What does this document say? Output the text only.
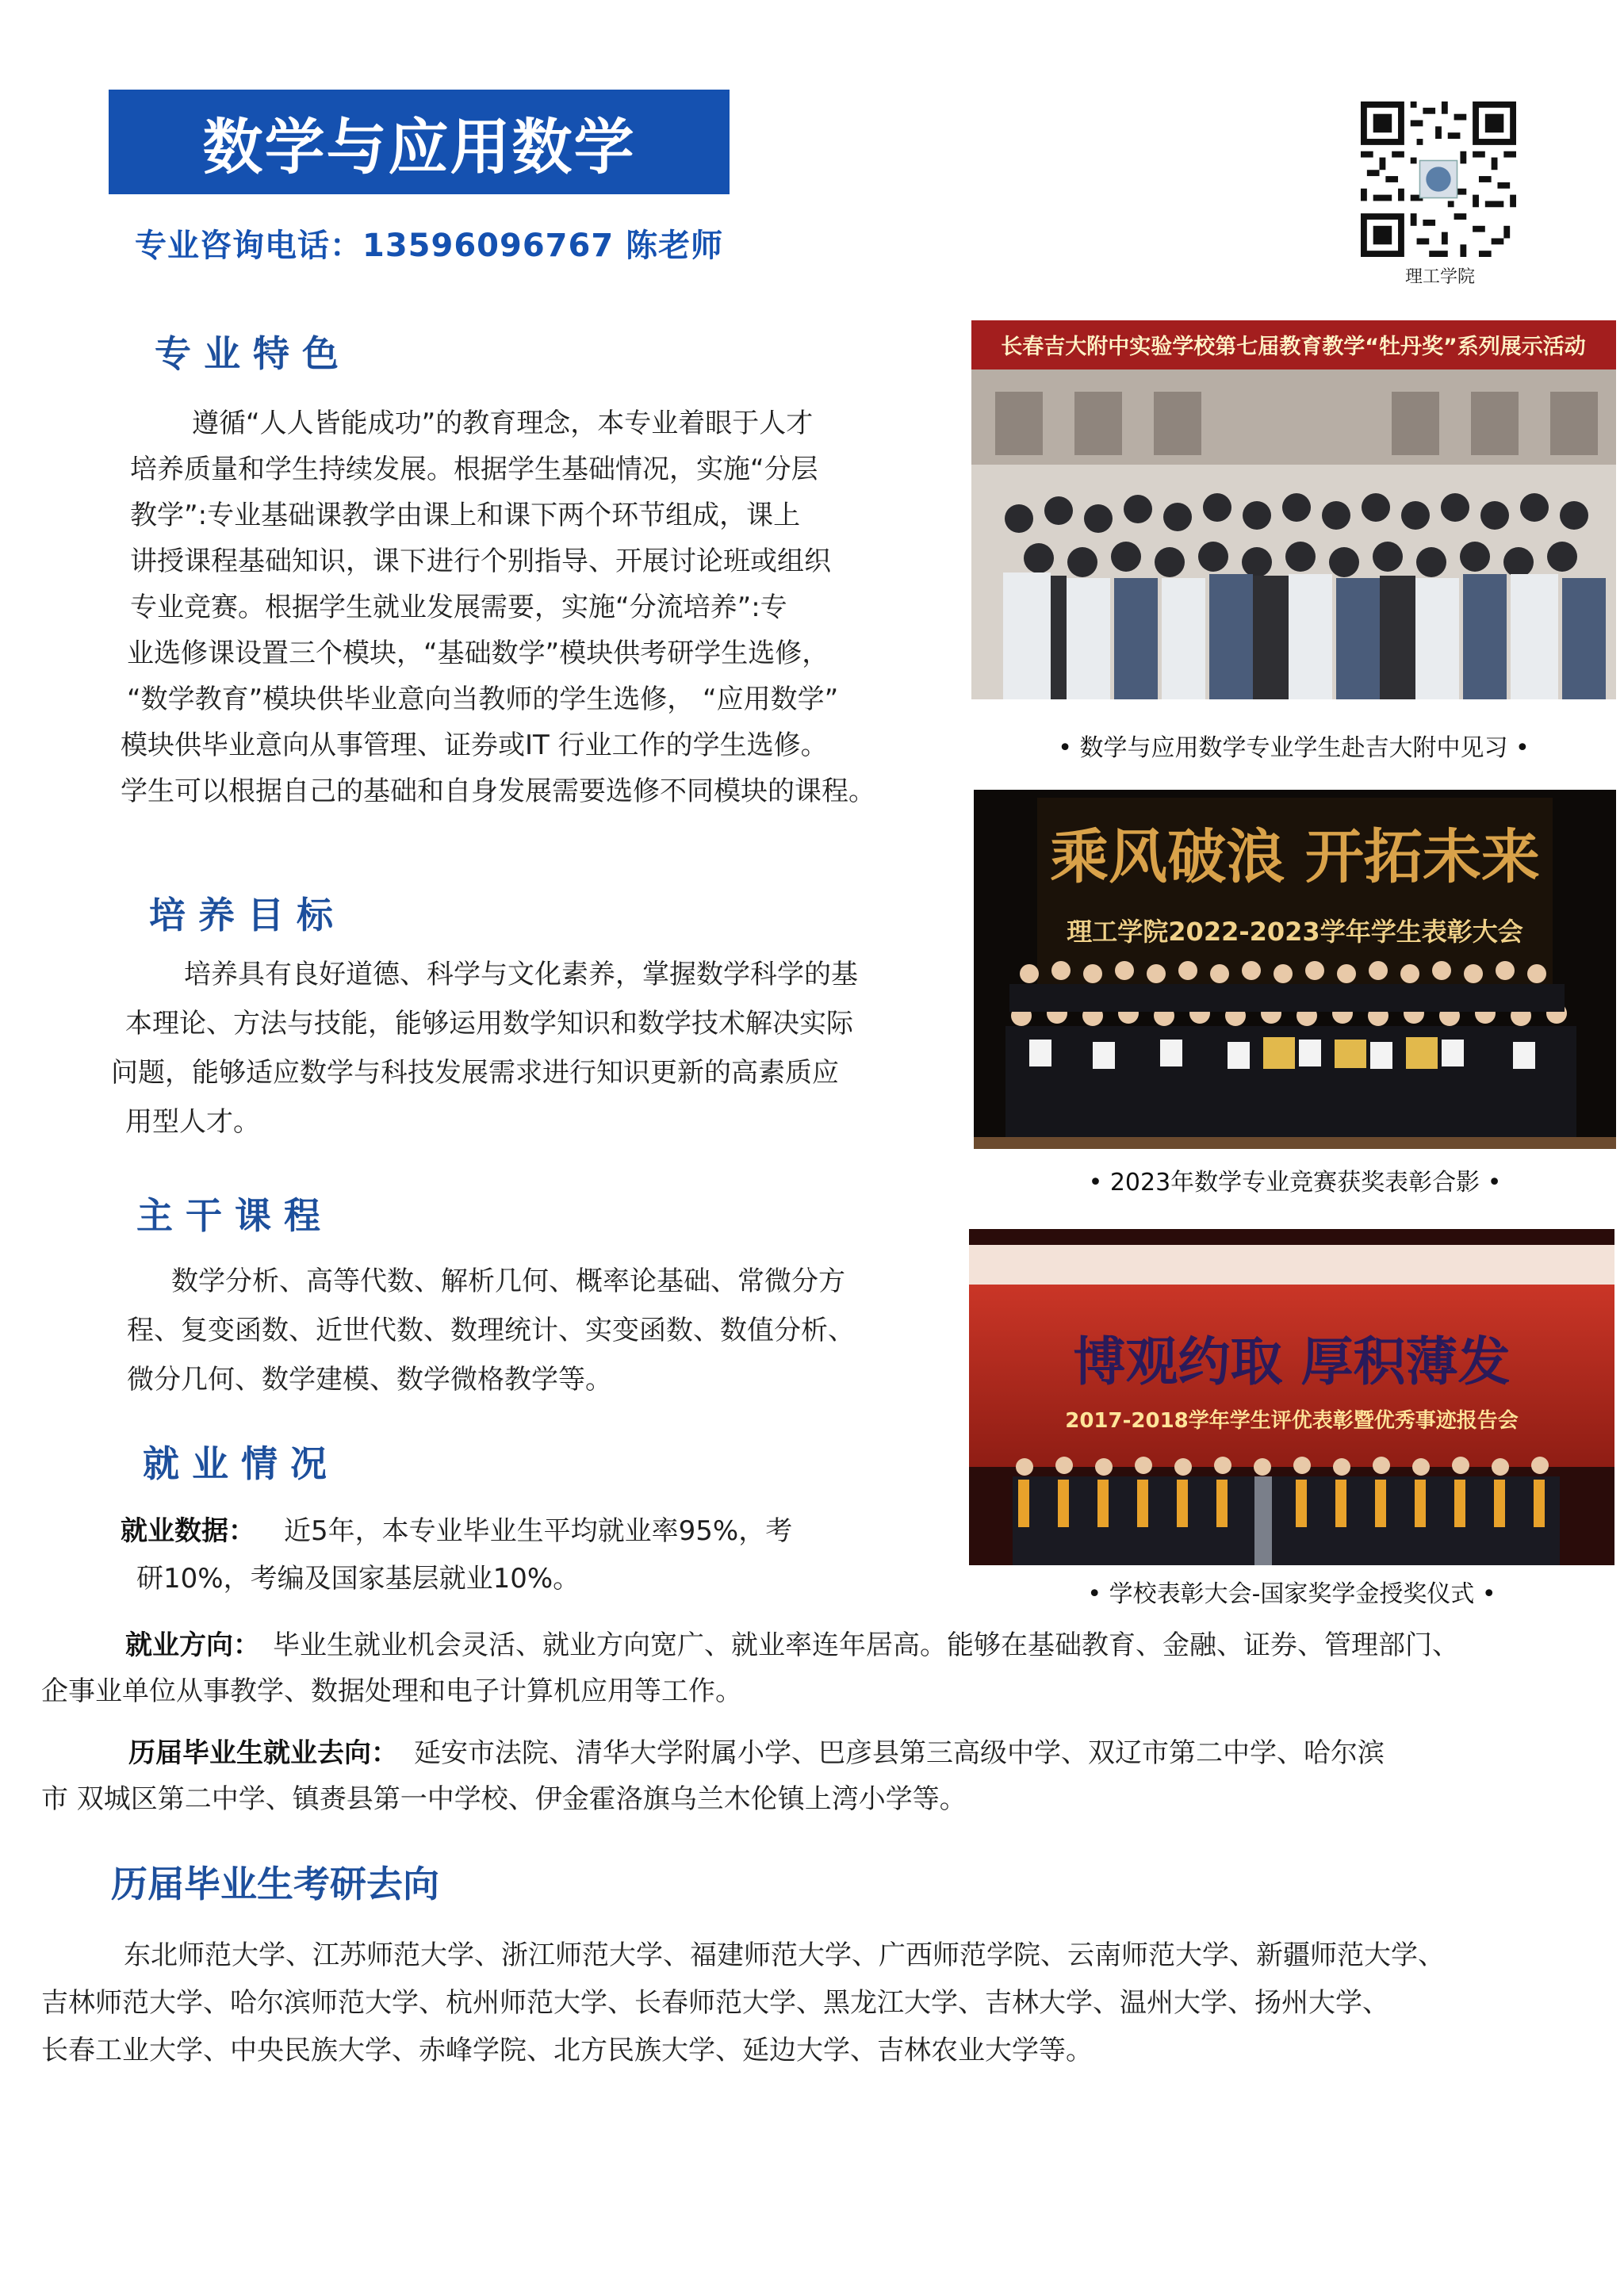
数学与应用数学
专业咨询电话：13596096767 陈老师
理工学院
专 业 特 色
遵循“人人皆能成功”的教育理念，本专业着眼于人才
培养质量和学生持续发展。根据学生基础情况，实施“分层
教学”:专业基础课教学由课上和课下两个环节组成，课上
讲授课程基础知识，课下进行个别指导、开展讨论班或组织
专业竞赛。根据学生就业发展需要，实施“分流培养”:专
业选修课设置三个模块，“基础数学”模块供考研学生选修，
“数学教育”模块供毕业意向当教师的学生选修， “应用数学”
模块供毕业意向从事管理、证券或IT 行业工作的学生选修。
学生可以根据自己的基础和自身发展需要选修不同模块的课程。
培 养 目 标
培养具有良好道德、科学与文化素养，掌握数学科学的基
本理论、方法与技能，能够运用数学知识和数学技术解决实际
问题，能够适应数学与科技发展需求进行知识更新的高素质应
用型人才。
主 干 课 程
数学分析、高等代数、解析几何、概率论基础、常微分方
程、复变函数、近世代数、数理统计、实变函数、数值分析、
微分几何、数学建模、数学微格教学等。
就 业 情 况
就业数据： 近5年，本专业毕业生平均就业率95%，考
研10%，考编及国家基层就业10%。
就业方向： 毕业生就业机会灵活、就业方向宽广、就业率连年居高。能够在基础教育、金融、证券、管理部门、
企事业单位从事教学、数据处理和电子计算机应用等工作。
历届毕业生就业去向： 延安市法院、清华大学附属小学、巴彦县第三高级中学、双辽市第二中学、哈尔滨
市 双城区第二中学、镇赉县第一中学校、伊金霍洛旗乌兰木伦镇上湾小学等。
历届毕业生考研去向
东北师范大学、江苏师范大学、浙江师范大学、福建师范大学、广西师范学院、云南师范大学、新疆师范大学、
吉林师范大学、哈尔滨师范大学、杭州师范大学、长春师范大学、黑龙江大学、吉林大学、温州大学、扬州大学、
长春工业大学、中央民族大学、赤峰学院、北方民族大学、延边大学、吉林农业大学等。
长春吉大附中实验学校第七届教育教学“牡丹奖”系列展示活动
• 数学与应用数学专业学生赴吉大附中见习 •
乘风破浪 开拓未来
理工学院2022-2023学年学生表彰大会
• 2023年数学专业竞赛获奖表彰合影 •
博观约取 厚积薄发
2017-2018学年学生评优表彰暨优秀事迹报告会
• 学校表彰大会-国家奖学金授奖仪式 •
